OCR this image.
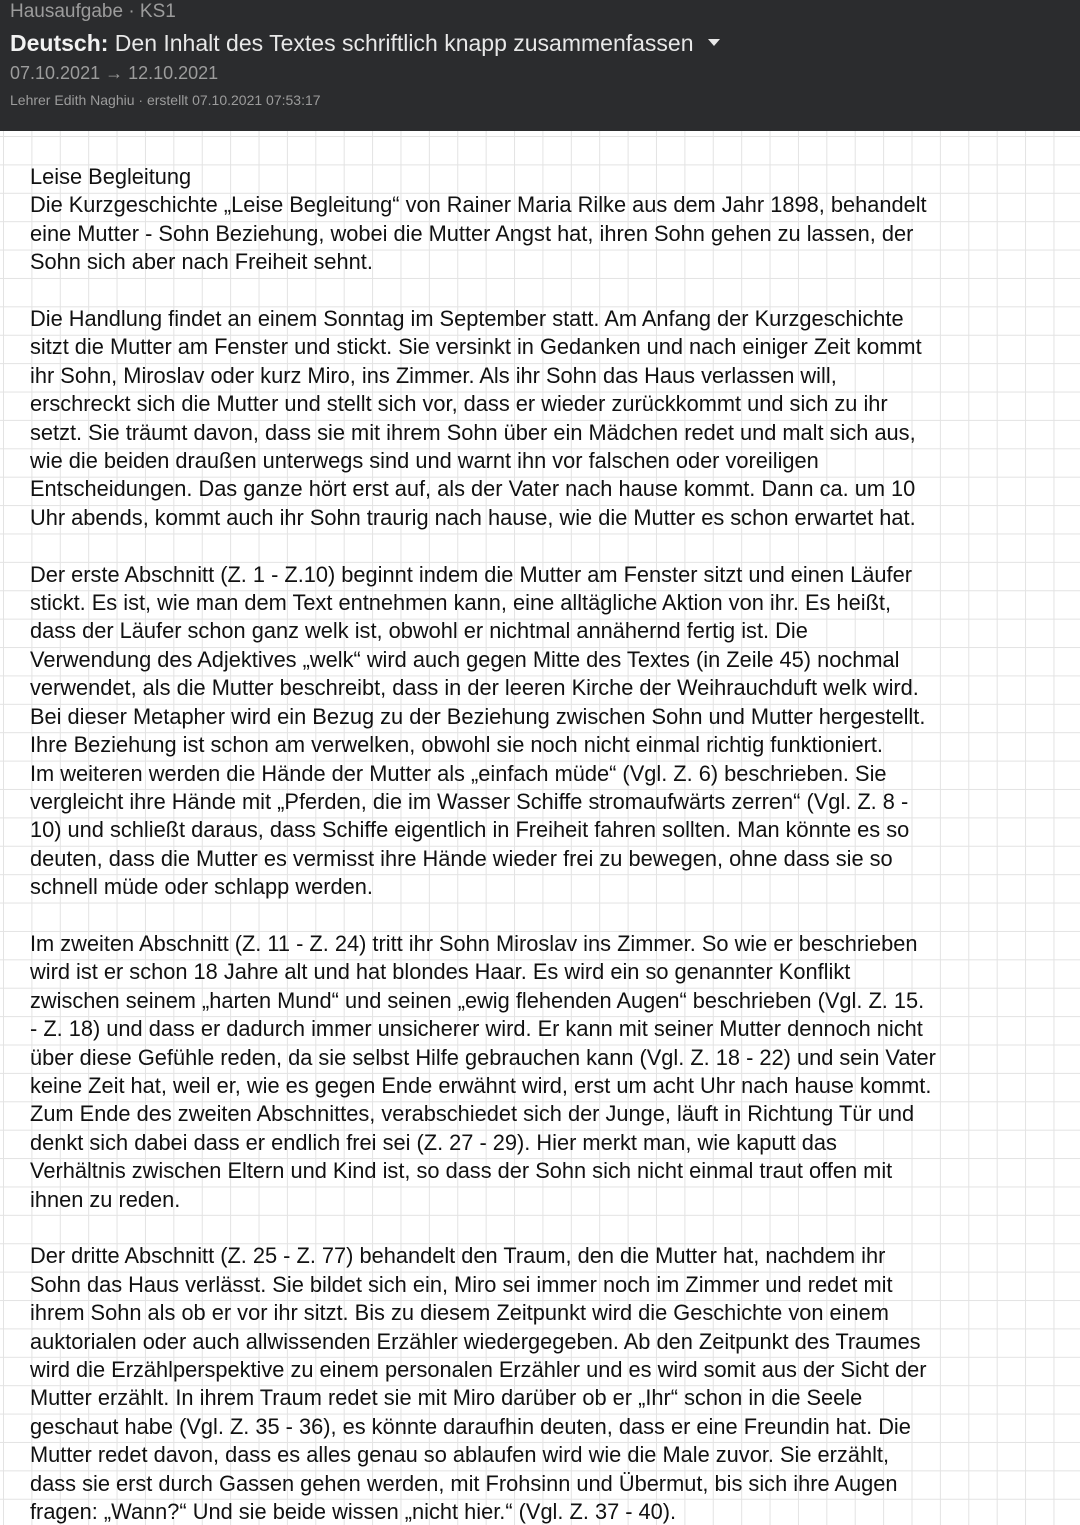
Hausaufgabe · KS1
Deutsch: Den Inhalt des Textes schriftlich knapp zusammenfassen
07.10.2021 → 12.10.2021
Lehrer Edith Naghiu · erstellt 07.10.2021 07:53:17

Leise Begleitung

Die Kurzgeschichte „Leise Begleitung“ von Rainer Maria Rilke aus dem Jahr 1898, behandelt
eine Mutter - Sohn Beziehung, wobei die Mutter Angst hat, ihren Sohn gehen zu lassen, der
Sohn sich aber nach Freiheit sehnt.

Die Handlung findet an einem Sonntag im September statt. Am Anfang der Kurzgeschichte
sitzt die Mutter am Fenster und stickt. Sie versinkt in Gedanken und nach einiger Zeit kommt
ihr Sohn, Miroslav oder kurz Miro, ins Zimmer. Als ihr Sohn das Haus verlassen will,
erschreckt sich die Mutter und stellt sich vor, dass er wieder zurückkommt und sich zu ihr
setzt. Sie träumt davon, dass sie mit ihrem Sohn über ein Mädchen redet und malt sich aus,
wie die beiden draußen unterwegs sind und warnt ihn vor falschen oder voreiligen
Entscheidungen. Das ganze hört erst auf, als der Vater nach hause kommt. Dann ca. um 10
Uhr abends, kommt auch ihr Sohn traurig nach hause, wie die Mutter es schon erwartet hat.

Der erste Abschnitt (Z. 1 - Z.10) beginnt indem die Mutter am Fenster sitzt und einen Läufer
stickt. Es ist, wie man dem Text entnehmen kann, eine alltägliche Aktion von ihr. Es heißt,
dass der Läufer schon ganz welk ist, obwohl er nichtmal annähernd fertig ist. Die
Verwendung des Adjektives „welk“ wird auch gegen Mitte des Textes (in Zeile 45) nochmal
verwendet, als die Mutter beschreibt, dass in der leeren Kirche der Weihrauchduft welk wird.
Bei dieser Metapher wird ein Bezug zu der Beziehung zwischen Sohn und Mutter hergestellt.
Ihre Beziehung ist schon am verwelken, obwohl sie noch nicht einmal richtig funktioniert.
Im weiteren werden die Hände der Mutter als „einfach müde“ (Vgl. Z. 6) beschrieben. Sie
vergleicht ihre Hände mit „Pferden, die im Wasser Schiffe stromaufwärts zerren“ (Vgl. Z. 8 -
10) und schließt daraus, dass Schiffe eigentlich in Freiheit fahren sollten. Man könnte es so
deuten, dass die Mutter es vermisst ihre Hände wieder frei zu bewegen, ohne dass sie so
schnell müde oder schlapp werden.

Im zweiten Abschnitt (Z. 11 - Z. 24) tritt ihr Sohn Miroslav ins Zimmer. So wie er beschrieben
wird ist er schon 18 Jahre alt und hat blondes Haar. Es wird ein so genannter Konflikt
zwischen seinem „harten Mund“ und seinen „ewig flehenden Augen“ beschrieben (Vgl. Z. 15.
- Z. 18) und dass er dadurch immer unsicherer wird. Er kann mit seiner Mutter dennoch nicht
über diese Gefühle reden, da sie selbst Hilfe gebrauchen kann (Vgl. Z. 18 - 22) und sein Vater
keine Zeit hat, weil er, wie es gegen Ende erwähnt wird, erst um acht Uhr nach hause kommt.
Zum Ende des zweiten Abschnittes, verabschiedet sich der Junge, läuft in Richtung Tür und
denkt sich dabei dass er endlich frei sei (Z. 27 - 29). Hier merkt man, wie kaputt das
Verhältnis zwischen Eltern und Kind ist, so dass der Sohn sich nicht einmal traut offen mit
ihnen zu reden.

Der dritte Abschnitt (Z. 25 - Z. 77) behandelt den Traum, den die Mutter hat, nachdem ihr
Sohn das Haus verlässt. Sie bildet sich ein, Miro sei immer noch im Zimmer und redet mit
ihrem Sohn als ob er vor ihr sitzt. Bis zu diesem Zeitpunkt wird die Geschichte von einem
auktorialen oder auch allwissenden Erzähler wiedergegeben. Ab den Zeitpunkt des Traumes
wird die Erzählperspektive zu einem personalen Erzähler und es wird somit aus der Sicht der
Mutter erzählt. In ihrem Traum redet sie mit Miro darüber ob er „Ihr“ schon in die Seele
geschaut habe (Vgl. Z. 35 - 36), es könnte daraufhin deuten, dass er eine Freundin hat. Die
Mutter redet davon, dass es alles genau so ablaufen wird wie die Male zuvor. Sie erzählt,
dass sie erst durch Gassen gehen werden, mit Frohsinn und Übermut, bis sich ihre Augen
fragen: „Wann?“ Und sie beide wissen „nicht hier.“ (Vgl. Z. 37 - 40).
